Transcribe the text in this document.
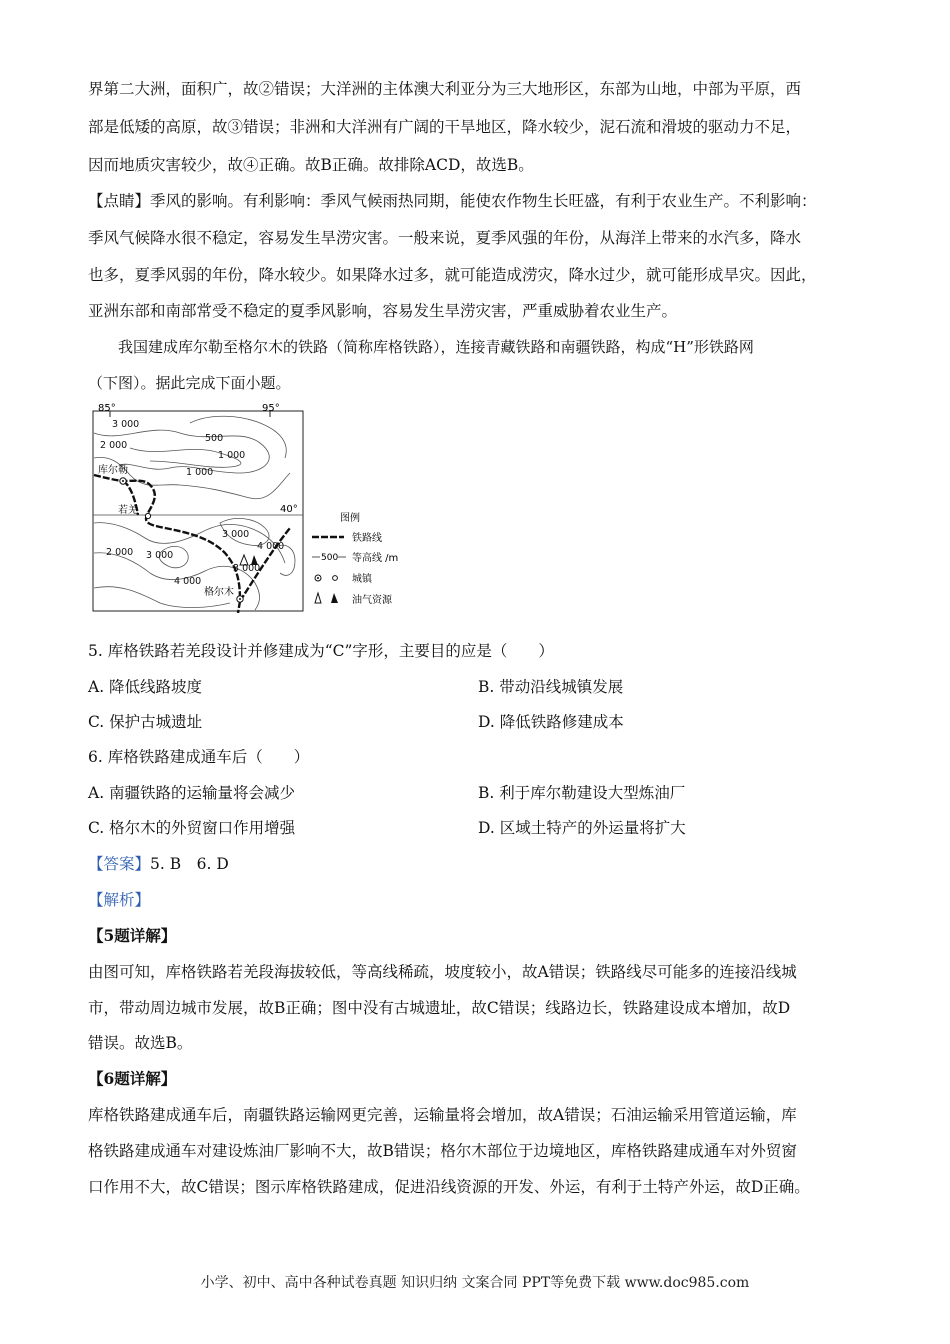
界第二大洲，面积广，故②错误；大洋洲的主体澳大利亚分为三大地形区，东部为山地，中部为平原，西
部是低矮的高原，故③错误；非洲和大洋洲有广阔的干旱地区，降水较少，泥石流和滑坡的驱动力不足，
因而地质灾害较少，故④正确。故B正确。故排除ACD，故选B。
【点睛】季风的影响。有利影响：季风气候雨热同期，能使农作物生长旺盛，有利于农业生产。不利影响：
季风气候降水很不稳定，容易发生旱涝灾害。一般来说，夏季风强的年份，从海洋上带来的水汽多，降水
也多，夏季风弱的年份，降水较少。如果降水过多，就可能造成涝灾，降水过少，就可能形成旱灾。因此，
亚洲东部和南部常受不稳定的夏季风影响，容易发生旱涝灾害，严重威胁着农业生产。
我国建成库尔勒至格尔木的铁路（简称库格铁路），连接青藏铁路和南疆铁路，构成“H”形铁路网
（下图）。据此完成下面小题。
85°	95°
40°
库尔勒
若羌
格尔木
3 000
2 000
500
1 000
1 000
3 000
2 000 3 000
4 000
4 000
3 000
图例
铁路线
500 等高线 /m
城镇
油气资源
5. 库格铁路若羌段设计并修建成为“C”字形，主要目的应是（　　）
A. 降低线路坡度	B. 带动沿线城镇发展
C. 保护古城遗址	D. 降低铁路修建成本
6. 库格铁路建成通车后（　　）
A. 南疆铁路的运输量将会减少	B. 利于库尔勒建设大型炼油厂
C. 格尔木的外贸窗口作用增强	D. 区域土特产的外运量将扩大
【答案】5. B　6. D
【解析】
【5题详解】
由图可知，库格铁路若羌段海拔较低，等高线稀疏，坡度较小，故A错误；铁路线尽可能多的连接沿线城
市，带动周边城市发展，故B正确；图中没有古城遗址，故C错误；线路边长，铁路建设成本增加，故D
错误。故选B。
【6题详解】
库格铁路建成通车后，南疆铁路运输网更完善，运输量将会增加，故A错误；石油运输采用管道运输，库
格铁路建成通车对建设炼油厂影响不大，故B错误；格尔木部位于边境地区，库格铁路建成通车对外贸窗
口作用不大，故C错误；图示库格铁路建成，促进沿线资源的开发、外运，有利于土特产外运，故D正确。
小学、初中、高中各种试卷真题 知识归纳 文案合同 PPT等免费下载 www.doc985.com
